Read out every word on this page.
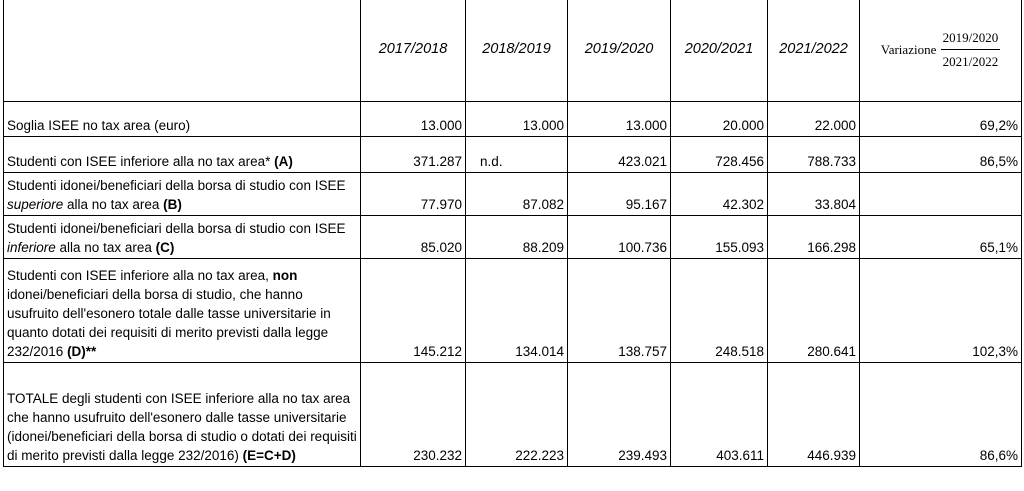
	2017/2018	2018/2019	2019/2020	2020/2021	2021/2022	Variazione $\frac{2019/2020}{2021/2022}$

Soglia ISEE no tax area (euro)	13.000	13.000	13.000	20.000	22.000	69,2%
Studenti con ISEE inferiore alla no tax area* (A)	371.287	n.d.	423.021	728.456	788.733	86,5%
Studenti idonei/beneficiari della borsa di studio con ISEE superiore alla no tax area (B)	77.970	87.082	95.167	42.302	33.804	
Studenti idonei/beneficiari della borsa di studio con ISEE inferiore alla no tax area (C)	85.020	88.209	100.736	155.093	166.298	65,1%
Studenti con ISEE inferiore alla no tax area, non idonei/beneficiari della borsa di studio, che hanno usufruito dell'esonero totale dalle tasse universitarie in quanto dotati dei requisiti di merito previsti dalla legge 232/2016 (D)**	145.212	134.014	138.757	248.518	280.641	102,3%
TOTALE degli studenti con ISEE inferiore alla no tax area che hanno usufruito dell'esonero dalle tasse universitarie (idonei/beneficiari della borsa di studio o dotati dei requisiti di merito previsti dalla legge 232/2016) (E=C+D)	230.232	222.223	239.493	403.611	446.939	86,6%
